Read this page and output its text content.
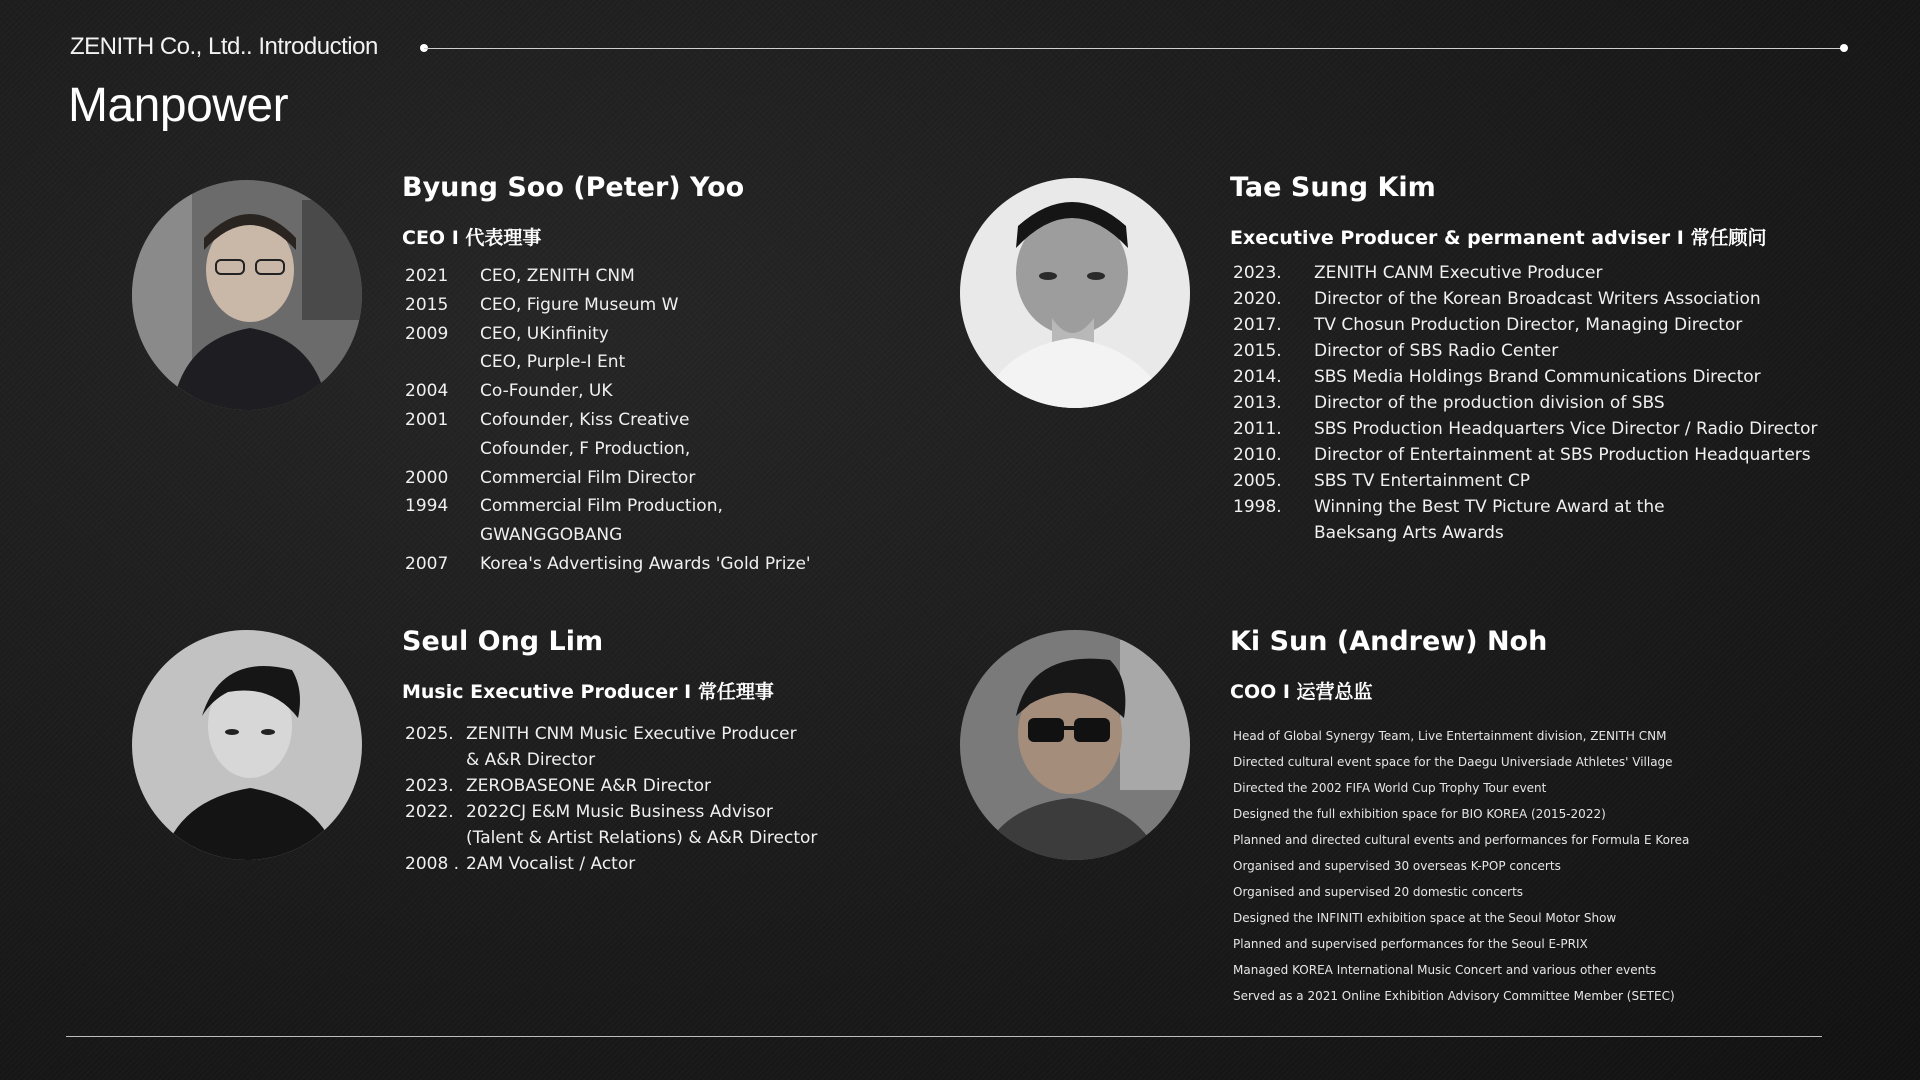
ZENITH Co., Ltd.. Introduction
Manpower
Byung Soo (Peter) Yoo
CEO I 代表理事
2021	CEO, ZENITH CNM
2015	CEO, Figure Museum W
2009	CEO, UKinfinity
CEO, Purple-I Ent
2004	Co-Founder, UK
2001	Cofounder, Kiss Creative
Cofounder, F Production,
2000	Commercial Film Director
1994	Commercial Film Production,
GWANGGOBANG
2007	Korea's Advertising Awards 'Gold Prize'
Tae Sung Kim
Executive Producer & permanent adviser I 常任顾问
2023.	ZENITH CANM Executive Producer
2020.	Director of the Korean Broadcast Writers Association
2017.	TV Chosun Production Director, Managing Director
2015.	Director of SBS Radio Center
2014.	SBS Media Holdings Brand Communications Director
2013.	Director of the production division of SBS
2011.	SBS Production Headquarters Vice Director / Radio Director
2010.	Director of Entertainment at SBS Production Headquarters
2005.	SBS TV Entertainment CP
1998.	Winning the Best TV Picture Award at the
Baeksang Arts Awards
Seul Ong Lim
Music Executive Producer I 常任理事
2025. ZENITH CNM Music Executive Producer
& A&R Director
2023. ZEROBASEONE A&R Director
2022. 2022CJ E&M Music Business Advisor
(Talent & Artist Relations) & A&R Director
2008 . 2AM Vocalist / Actor
Ki Sun (Andrew) Noh
COO I 运营总监
Head of Global Synergy Team, Live Entertainment division, ZENITH CNM
Directed cultural event space for the Daegu Universiade Athletes' Village
Directed the 2002 FIFA World Cup Trophy Tour event
Designed the full exhibition space for BIO KOREA (2015-2022)
Planned and directed cultural events and performances for Formula E Korea
Organised and supervised 30 overseas K-POP concerts
Organised and supervised 20 domestic concerts
Designed the INFINITI exhibition space at the Seoul Motor Show
Planned and supervised performances for the Seoul E-PRIX
Managed KOREA International Music Concert and various other events
Served as a 2021 Online Exhibition Advisory Committee Member (SETEC)
